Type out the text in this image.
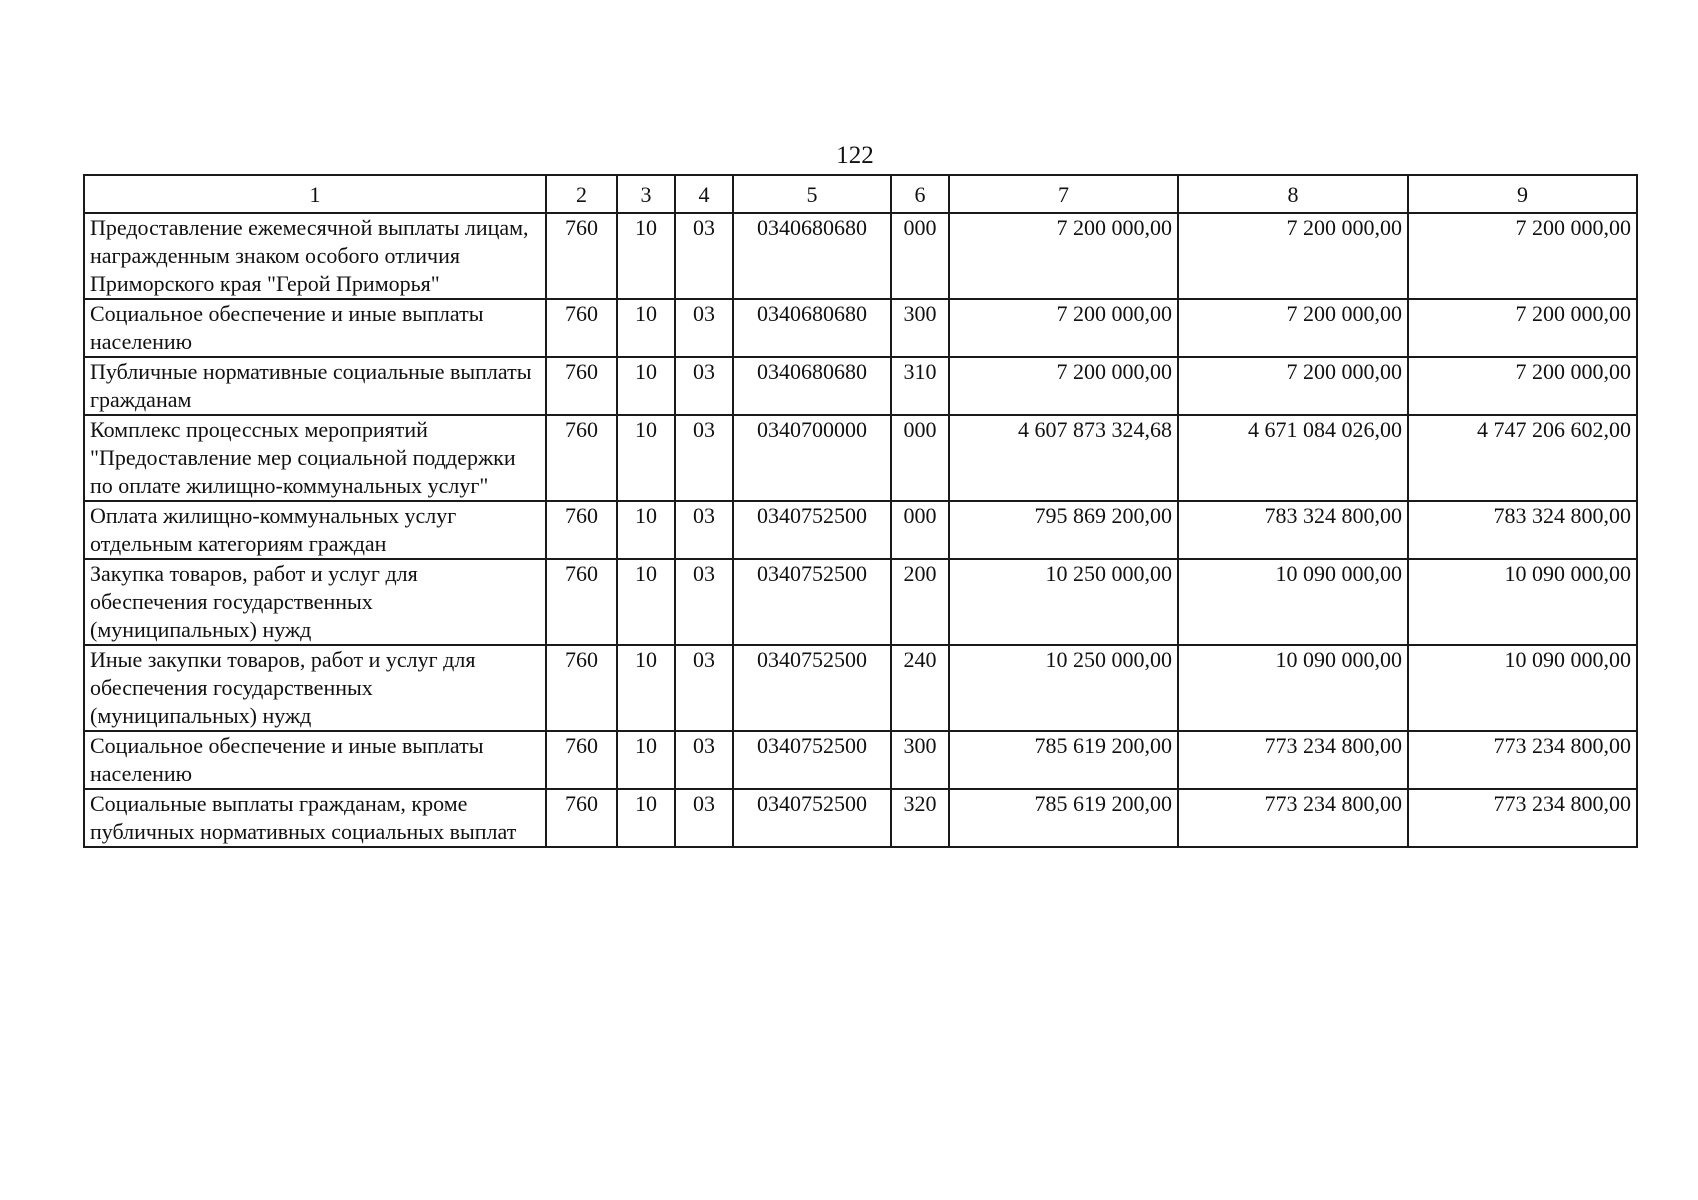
122
1	2	3	4	5	6	7	8	9
Предоставление ежемесячной выплаты лицам, награжденным знаком особого отличия Приморского края "Герой Приморья"	760	10	03	0340680680	000	7 200 000,00	7 200 000,00	7 200 000,00
Социальное обеспечение и иные выплаты населению	760	10	03	0340680680	300	7 200 000,00	7 200 000,00	7 200 000,00
Публичные нормативные социальные выплаты гражданам	760	10	03	0340680680	310	7 200 000,00	7 200 000,00	7 200 000,00
Комплекс процессных мероприятий "Предоставление мер социальной поддержки по оплате жилищно-коммунальных услуг"	760	10	03	0340700000	000	4 607 873 324,68	4 671 084 026,00	4 747 206 602,00
Оплата жилищно-коммунальных услуг отдельным категориям граждан	760	10	03	0340752500	000	795 869 200,00	783 324 800,00	783 324 800,00
Закупка товаров, работ и услуг для обеспечения государственных (муниципальных) нужд	760	10	03	0340752500	200	10 250 000,00	10 090 000,00	10 090 000,00
Иные закупки товаров, работ и услуг для обеспечения государственных (муниципальных) нужд	760	10	03	0340752500	240	10 250 000,00	10 090 000,00	10 090 000,00
Социальное обеспечение и иные выплаты населению	760	10	03	0340752500	300	785 619 200,00	773 234 800,00	773 234 800,00
Социальные выплаты гражданам, кроме публичных нормативных социальных выплат	760	10	03	0340752500	320	785 619 200,00	773 234 800,00	773 234 800,00
